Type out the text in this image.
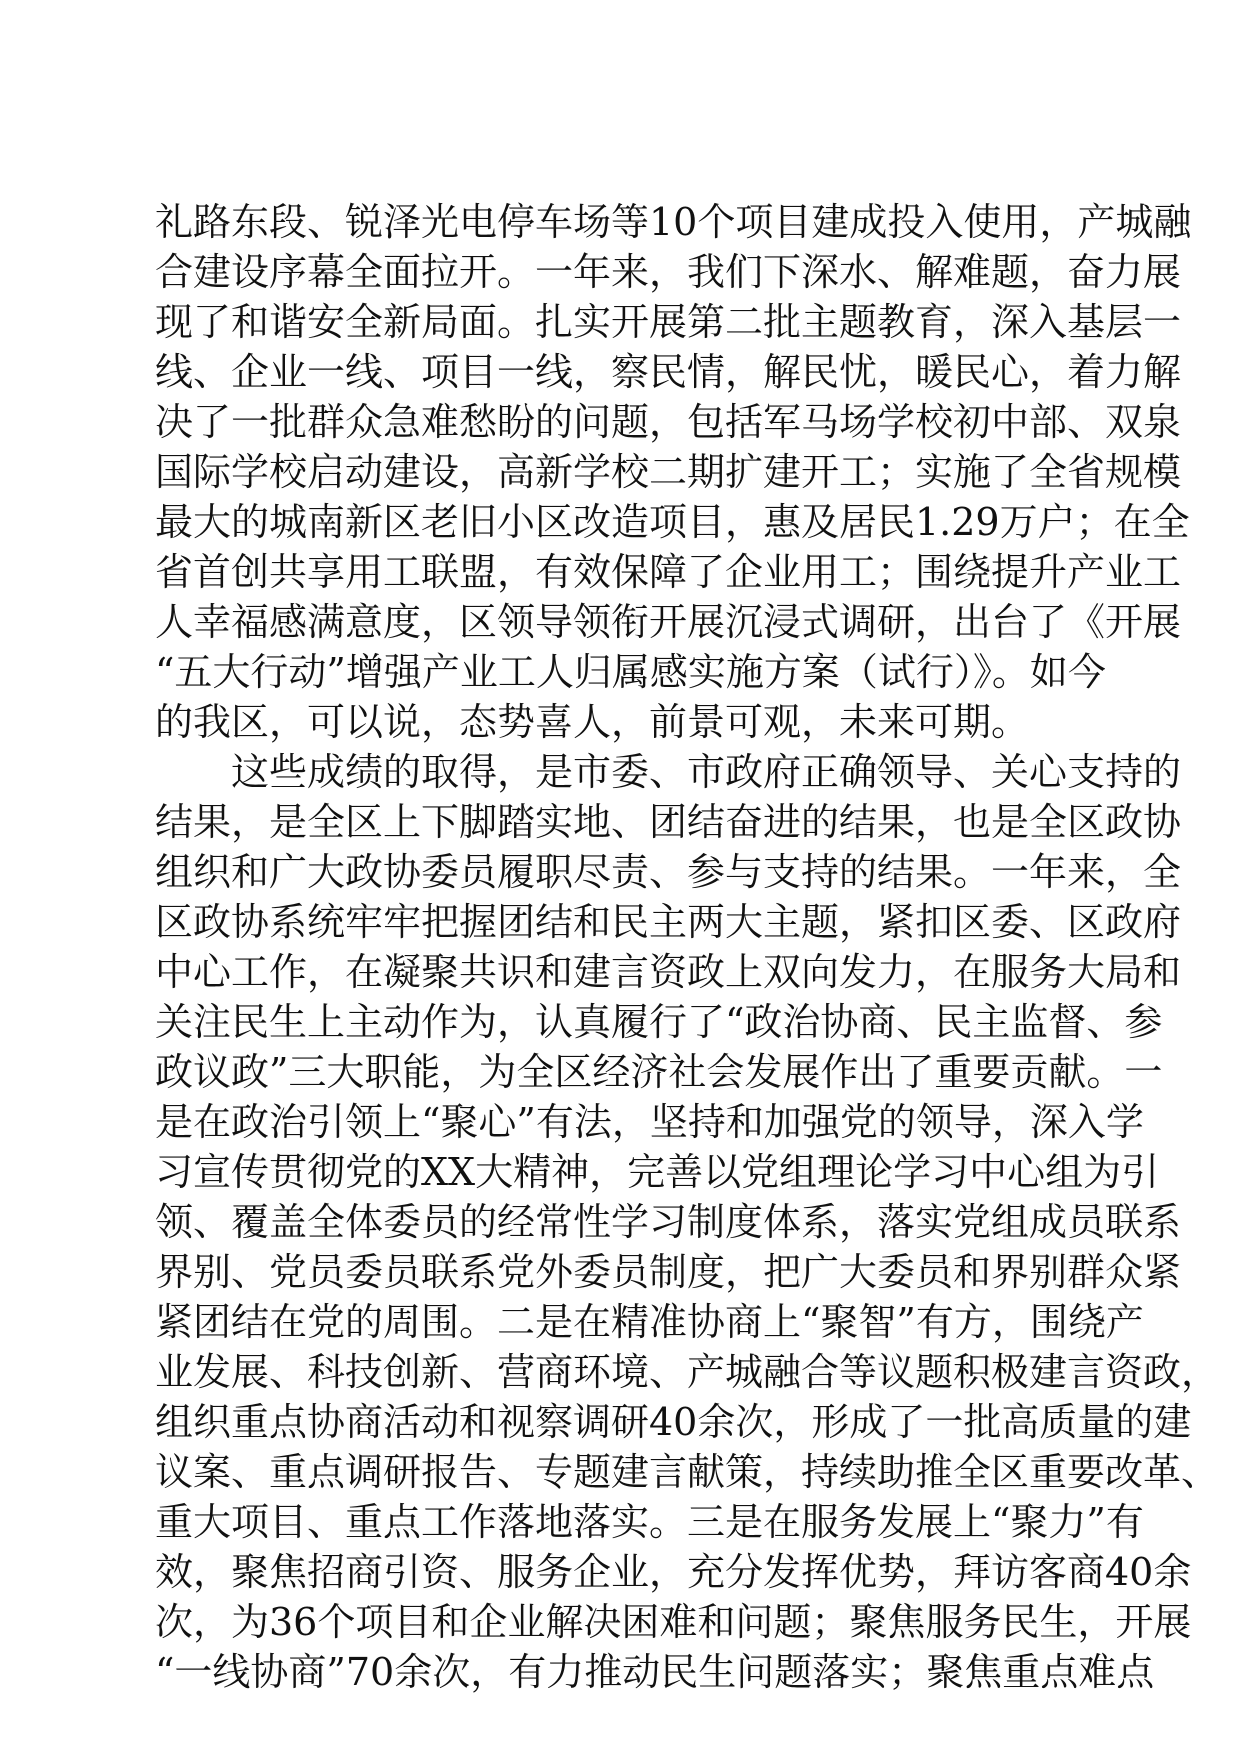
礼路东段、锐泽光电停车场等10个项目建成投入使用，产城融
合建设序幕全面拉开。一年来，我们下深水、解难题，奋力展
现了和谐安全新局面。扎实开展第二批主题教育，深入基层一
线、企业一线、项目一线，察民情，解民忧，暖民心，着力解
决了一批群众急难愁盼的问题，包括军马场学校初中部、双泉
国际学校启动建设，高新学校二期扩建开工；实施了全省规模
最大的城南新区老旧小区改造项目，惠及居民1.29万户；在全
省首创共享用工联盟，有效保障了企业用工；围绕提升产业工
人幸福感满意度，区领导领衔开展沉浸式调研，出台了《开展
“五大行动”增强产业工人归属感实施方案（试行）》。如今
的我区，可以说，态势喜人，前景可观，未来可期。
　　这些成绩的取得，是市委、市政府正确领导、关心支持的
结果，是全区上下脚踏实地、团结奋进的结果，也是全区政协
组织和广大政协委员履职尽责、参与支持的结果。一年来，全
区政协系统牢牢把握团结和民主两大主题，紧扣区委、区政府
中心工作，在凝聚共识和建言资政上双向发力，在服务大局和
关注民生上主动作为，认真履行了“政治协商、民主监督、参
政议政”三大职能，为全区经济社会发展作出了重要贡献。一
是在政治引领上“聚心”有法，坚持和加强党的领导，深入学
习宣传贯彻党的XX大精神，完善以党组理论学习中心组为引
领、覆盖全体委员的经常性学习制度体系，落实党组成员联系
界别、党员委员联系党外委员制度，把广大委员和界别群众紧
紧团结在党的周围。二是在精准协商上“聚智”有方，围绕产
业发展、科技创新、营商环境、产城融合等议题积极建言资政，
组织重点协商活动和视察调研40余次，形成了一批高质量的建
议案、重点调研报告、专题建言献策，持续助推全区重要改革、
重大项目、重点工作落地落实。三是在服务发展上“聚力”有
效，聚焦招商引资、服务企业，充分发挥优势，拜访客商40余
次，为36个项目和企业解决困难和问题；聚焦服务民生，开展
“一线协商”70余次，有力推动民生问题落实；聚焦重点难点
